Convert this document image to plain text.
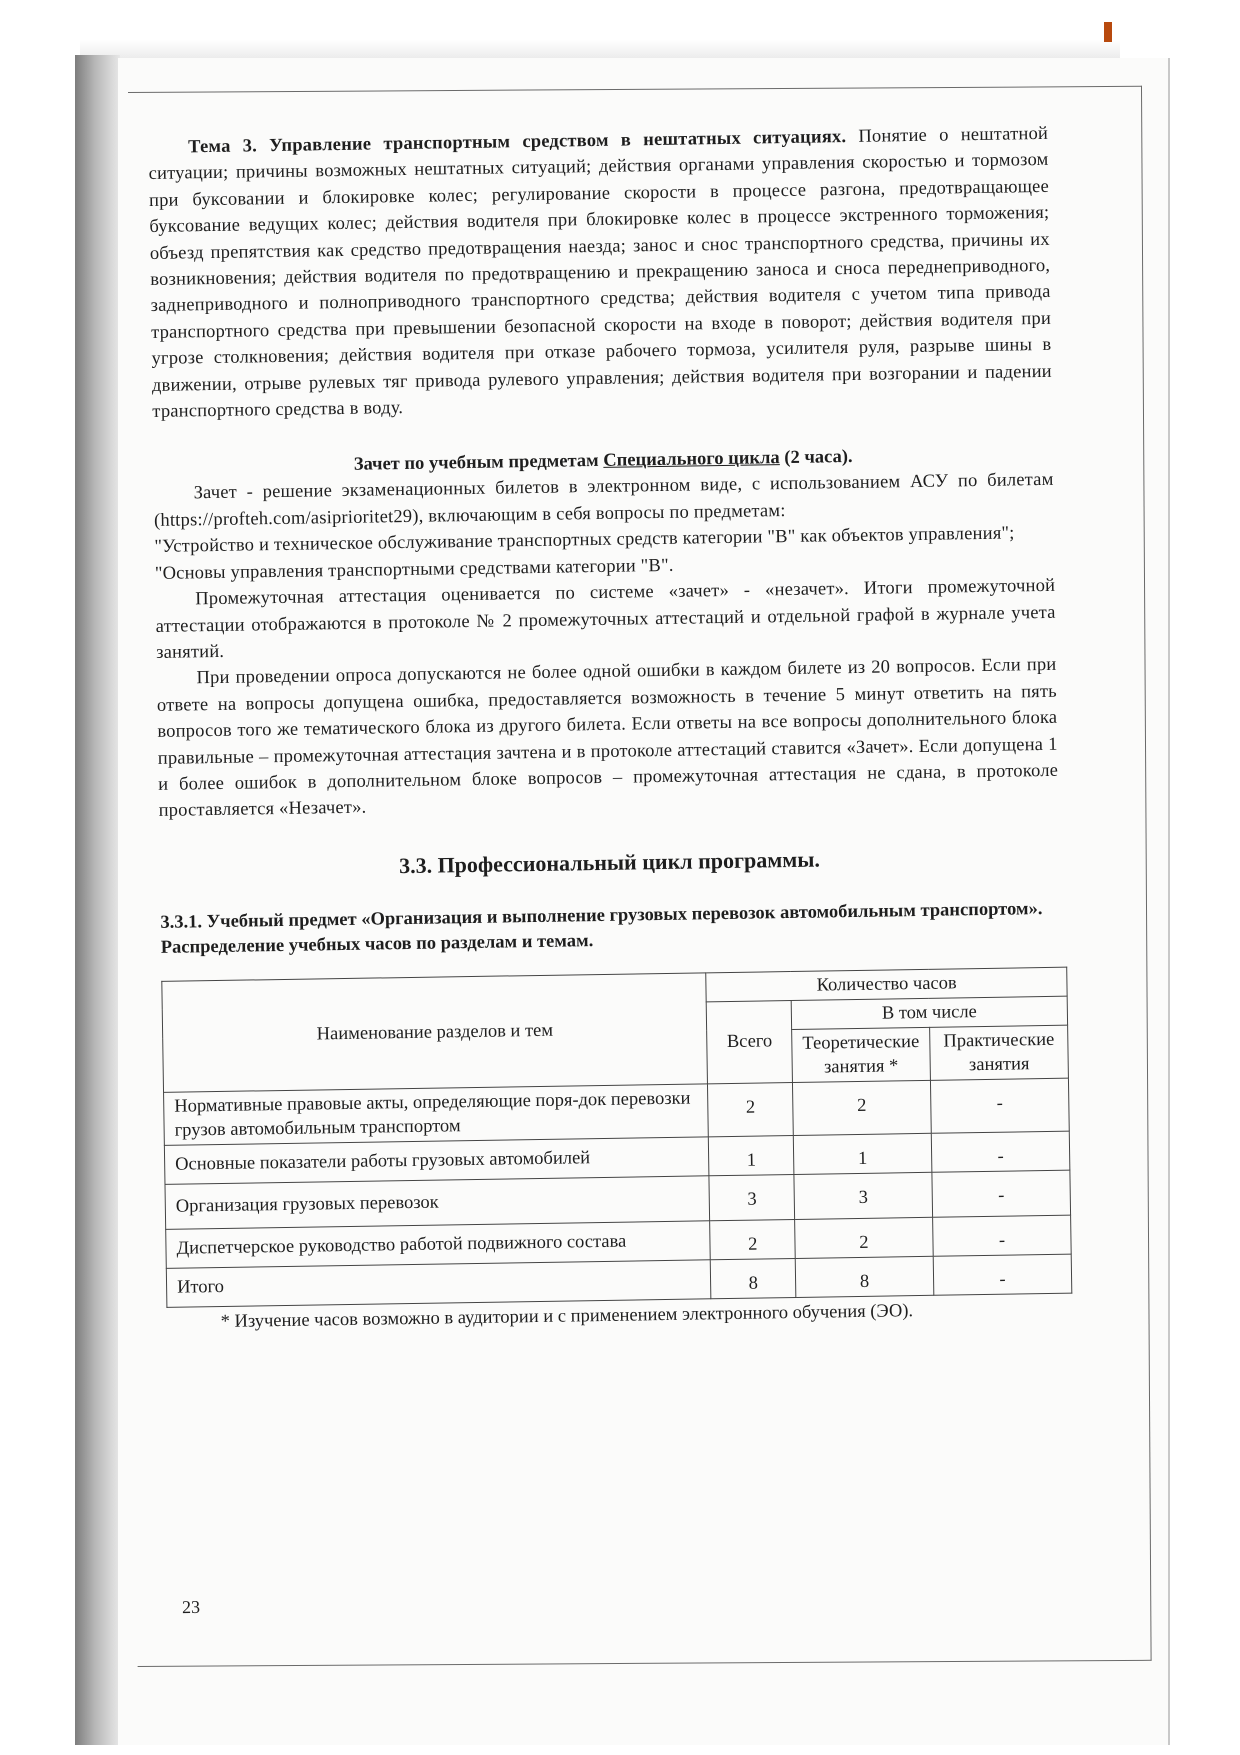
Тема 3. Управление транспортным средством в нештатных ситуациях. Понятие о нештатной ситуации; причины возможных нештатных ситуаций; действия органами управления скоростью и тормозом при буксовании и блокировке колес; регулирование скорости в процессе разгона, предотвращающее буксование ведущих колес; действия водителя при блокировке колес в процессе экстренного торможения; объезд препятствия как средство предотвращения наезда; занос и снос транспортного средства, причины их возникновения; действия водителя по предотвращению и прекращению заноса и сноса переднеприводного, заднеприводного и полноприводного транспортного средства; действия водителя с учетом типа привода транспортного средства при превышении безопасной скорости на входе в поворот; действия водителя при угрозе столкновения; действия водителя при отказе рабочего тормоза, усилителя руля, разрыве шины в движении, отрыве рулевых тяг привода рулевого управления; действия водителя при возгорании и падении транспортного средства в воду.

Зачет по учебным предметам Специального цикла (2 часа).

Зачет - решение экзаменационных билетов в электронном виде, с использованием АСУ по билетам (https://profteh.com/asiprioritet29), включающим в себя вопросы по предметам:

"Устройство и техническое обслуживание транспортных средств категории "В" как объектов управления";

"Основы управления транспортными средствами категории "В".

Промежуточная аттестация оценивается по системе «зачет» - «незачет». Итоги промежуточной аттестации отображаются в протоколе № 2 промежуточных аттестаций и отдельной графой в журнале учета занятий.

При проведении опроса допускаются не более одной ошибки в каждом билете из 20 вопросов. Если при ответе на вопросы допущена ошибка, предоставляется возможность в течение 5 минут ответить на пять вопросов того же тематического блока из другого билета. Если ответы на все вопросы дополнительного блока правильные – промежуточная аттестация зачтена и в протоколе аттестаций ставится «Зачет». Если допущена 1 и более ошибок в дополнительном блоке вопросов – промежуточная аттестация не сдана, в протоколе проставляется «Незачет».

3.3. Профессиональный цикл программы.

3.3.1. Учебный предмет «Организация и выполнение грузовых перевозок автомобильным транспортом».

Распределение учебных часов по разделам и темам.

Наименование разделов и тем	Количество часов		
	Всего	В том числе	
		Теоретические занятия *	Практические занятия
Нормативные правовые акты, определяющие поря-док перевозки грузов автомобильным транспортом	2	2	-
Основные показатели работы грузовых автомобилей	1	1	-
Организация грузовых перевозок	3	3	-
Диспетчерское руководство работой подвижного состава	2	2	-
Итого	8	8	-

* Изучение часов возможно в аудитории и с применением электронного обучения (ЭО).

23
